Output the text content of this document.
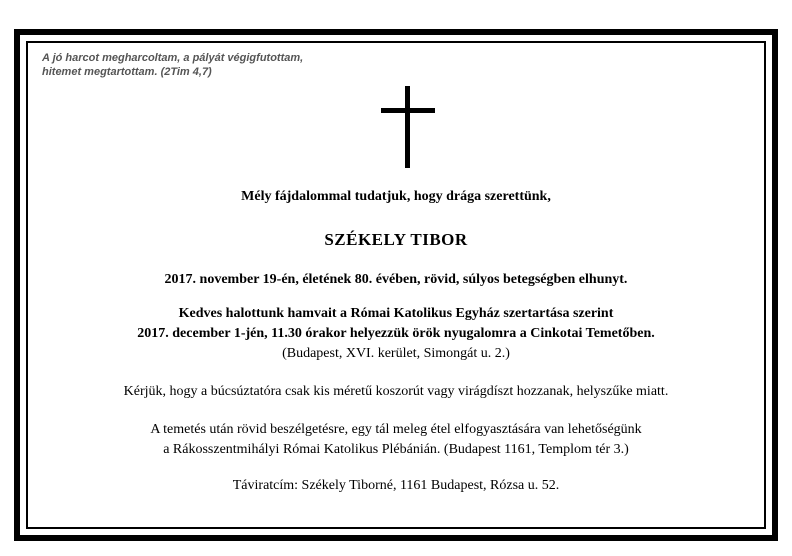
A jó harcot megharcoltam, a pályát végigfutottam,
hitemet megtartottam. (2Tim 4,7)
Mély fájdalommal tudatjuk, hogy drága szerettünk,
SZÉKELY TIBOR
2017. november 19-én, életének 80. évében, rövid, súlyos betegségben elhunyt.
Kedves halottunk hamvait a Római Katolikus Egyház szertartása szerint
2017. december 1-jén, 11.30 órakor helyezzük örök nyugalomra a Cinkotai Temetőben.
(Budapest, XVI. kerület, Simongát u. 2.)
Kérjük, hogy a búcsúztatóra csak kis méretű koszorút vagy virágdíszt hozzanak, helyszűke miatt.
A temetés után rövid beszélgetésre, egy tál meleg étel elfogyasztására van lehetőségünk
a Rákosszentmihályi Római Katolikus Plébánián. (Budapest 1161, Templom tér 3.)
Táviratcím: Székely Tiborné, 1161 Budapest, Rózsa u. 52.
